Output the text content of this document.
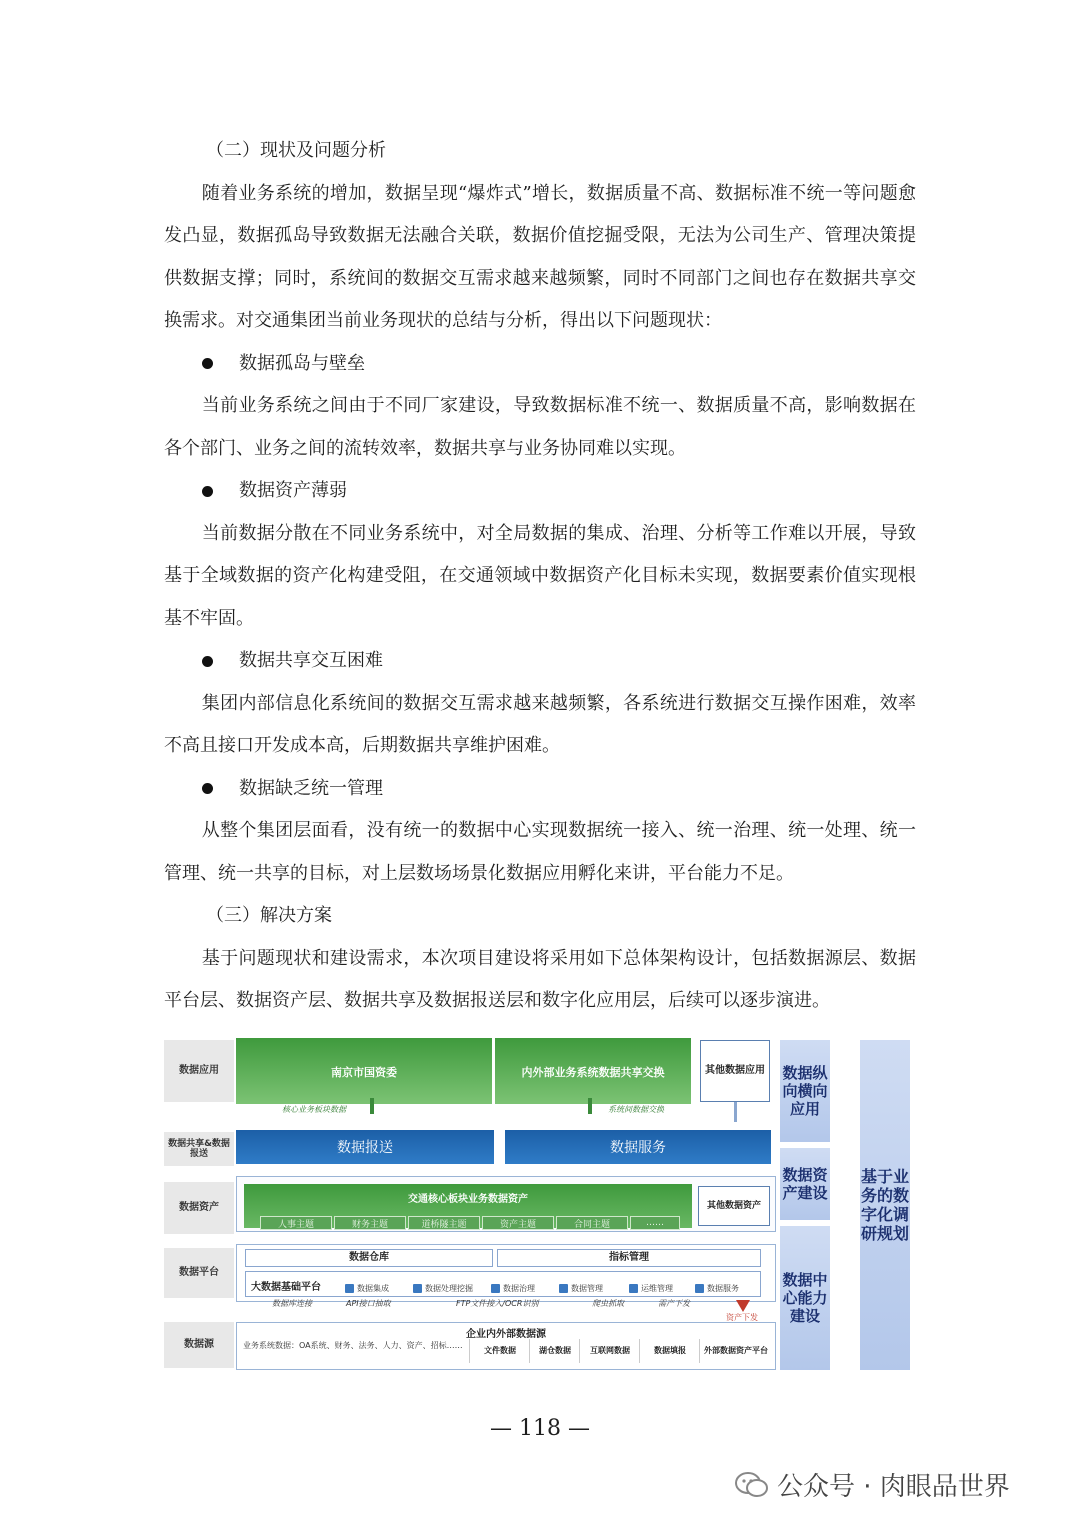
（二）现状及问题分析

随着业务系统的增加，数据呈现“爆炸式”增长，数据质量不高、数据标准不统一等问题愈发凸显，数据孤岛导致数据无法融合关联，数据价值挖掘受限，无法为公司生产、管理决策提供数据支撑；同时，系统间的数据交互需求越来越频繁，同时不同部门之间也存在数据共享交换需求。对交通集团当前业务现状的总结与分析，得出以下问题现状：

数据孤岛与壁垒

当前业务系统之间由于不同厂家建设，导致数据标准不统一、数据质量不高，影响数据在各个部门、业务之间的流转效率，数据共享与业务协同难以实现。

数据资产薄弱

当前数据分散在不同业务系统中，对全局数据的集成、治理、分析等工作难以开展，导致基于全域数据的资产化构建受阻，在交通领域中数据资产化目标未实现，数据要素价值实现根基不牢固。

数据共享交互困难

集团内部信息化系统间的数据交互需求越来越频繁，各系统进行数据交互操作困难，效率不高且接口开发成本高，后期数据共享维护困难。

数据缺乏统一管理

从整个集团层面看，没有统一的数据中心实现数据统一接入、统一治理、统一处理、统一管理、统一共享的目标，对上层数场场景化数据应用孵化来讲，平台能力不足。

（三）解决方案

基于问题现状和建设需求，本次项目建设将采用如下总体架构设计，包括数据源层、数据平台层、数据资产层、数据共享及数据报送层和数字化应用层，后续可以逐步演进。

数据应用
数据共享&数据报送
数据资产
数据平台
数据源
南京市国资委	内外部业务系统数据共享交换	其他数据应用
核心业务板块数据	系统间数据交换
数据报送	数据服务
交通核心板块业务数据资产
人事主题	财务主题	道桥隧主题	资产主题	合同主题	……
其他数据资产
数据仓库	指标管理
大数据基础平台	数据集成	数据处理挖掘	数据治理	数据管理	运维管理	数据服务
数据库连接	API接口抽取	FTP文件接入/OCR识别	爬虫抓取	需产下发
资产下发
企业内外部数据源
业务系统数据：OA系统、财务、法务、人力、资产、招标……
文件数据	湖仓数据	互联网数据	数据填报	外部数据资产平台
数据纵向横向应用
数据资产建设
数据中心能力建设
基于业务的数字化调研规划
— 118 —
公众号 · 肉眼品世界
